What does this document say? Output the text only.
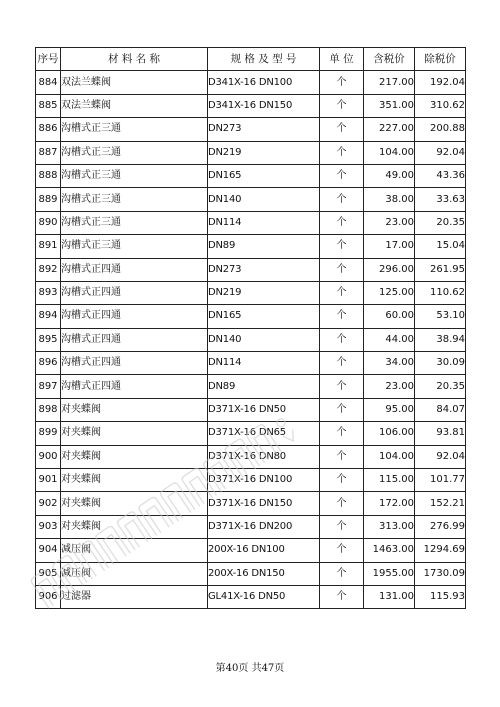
序号	材 料 名 称	规 格 及 型 号	单 位	含税价	除税价
884	双法兰蝶阀	D341X-16 DN100	个	217.00	192.04
885	双法兰蝶阀	D341X-16 DN150	个	351.00	310.62
886	沟槽式正三通	DN273	个	227.00	200.88
887	沟槽式正三通	DN219	个	104.00	92.04
888	沟槽式正三通	DN165	个	49.00	43.36
889	沟槽式正三通	DN140	个	38.00	33.63
890	沟槽式正三通	DN114	个	23.00	20.35
891	沟槽式正三通	DN89	个	17.00	15.04
892	沟槽式正四通	DN273	个	296.00	261.95
893	沟槽式正四通	DN219	个	125.00	110.62
894	沟槽式正四通	DN165	个	60.00	53.10
895	沟槽式正四通	DN140	个	44.00	38.94
896	沟槽式正四通	DN114	个	34.00	30.09
897	沟槽式正四通	DN89	个	23.00	20.35
898	对夹蝶阀	D371X-16 DN50	个	95.00	84.07
899	对夹蝶阀	D371X-16 DN65	个	106.00	93.81
900	对夹蝶阀	D371X-16 DN80	个	104.00	92.04
901	对夹蝶阀	D371X-16 DN100	个	115.00	101.77
902	对夹蝶阀	D371X-16 DN150	个	172.00	152.21
903	对夹蝶阀	D371X-16 DN200	个	313.00	276.99
904	减压阀	200X-16 DN100	个	1463.00	1294.69
905	减压阀	200X-16 DN150	个	1955.00	1730.09
906	过滤器	GL41X-16 DN50	个	131.00	115.93
第40页 共47页
